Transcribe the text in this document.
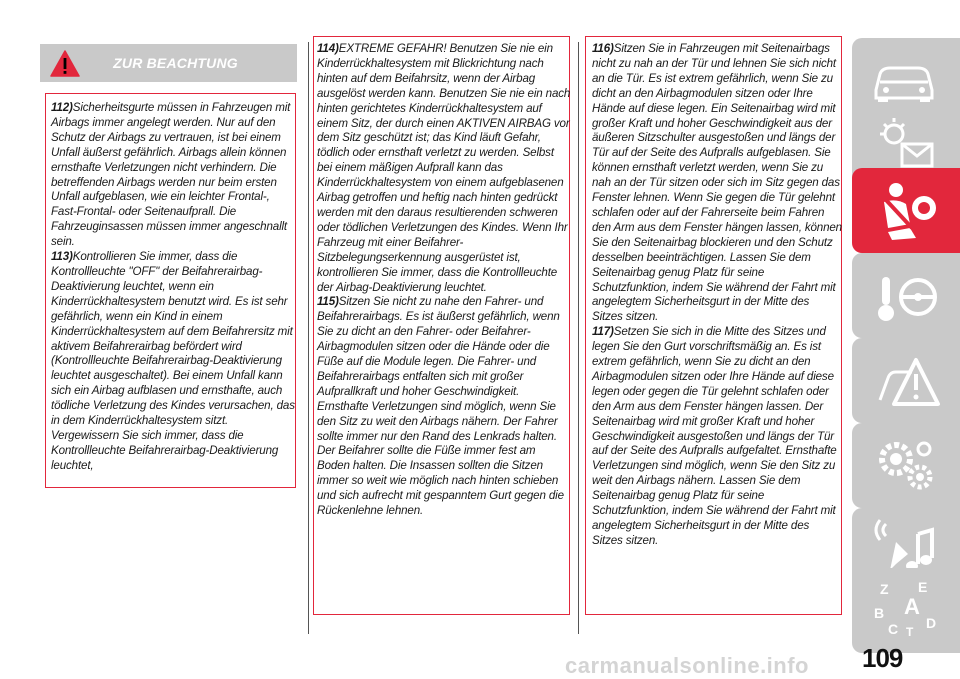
ZUR BEACHTUNG
112)Sicherheitsgurte müssen in Fahrzeugen mit Airbags immer angelegt werden. Nur auf den Schutz der Airbags zu vertrauen, ist bei einem Unfall äußerst gefährlich. Airbags allein können ernsthafte Verletzungen nicht verhindern. Die betreffenden Airbags werden nur beim ersten Unfall aufgeblasen, wie ein leichter Frontal-, Fast-Frontal- oder Seitenaufprall. Die Fahrzeuginsassen müssen immer angeschnallt sein.
113)Kontrollieren Sie immer, dass die Kontrollleuchte "OFF" der Beifahrerairbag-Deaktivierung leuchtet, wenn ein Kinderrückhaltesystem benutzt wird. Es ist sehr gefährlich, wenn ein Kind in einem Kinderrückhaltesystem auf dem Beifahrersitz mit aktivem Beifahrerairbag befördert wird (Kontrollleuchte Beifahrerairbag-Deaktivierung leuchtet ausgeschaltet). Bei einem Unfall kann sich ein Airbag aufblasen und ernsthafte, auch tödliche Verletzung des Kindes verursachen, das in dem Kinderrückhaltesystem sitzt. Vergewissern Sie sich immer, dass die Kontrollleuchte Beifahrerairbag-Deaktivierung leuchtet,
114)EXTREME GEFAHR! Benutzen Sie nie ein Kinderrückhaltesystem mit Blickrichtung nach hinten auf dem Beifahrsitz, wenn der Airbag ausgelöst werden kann. Benutzen Sie nie ein nach hinten gerichtetes Kinderrückhaltesystem auf einem Sitz, der durch einen AKTIVEN AIRBAG vor dem Sitz geschützt ist; das Kind läuft Gefahr, tödlich oder ernsthaft verletzt zu werden. Selbst bei einem mäßigen Aufprall kann das Kinderrückhaltesystem von einem aufgeblasenen Airbag getroffen und heftig nach hinten gedrückt werden mit den daraus resultierenden schweren oder tödlichen Verletzungen des Kindes. Wenn Ihr Fahrzeug mit einer Beifahrer-Sitzbelegungserkennung ausgerüstet ist, kontrollieren Sie immer, dass die Kontrollleuchte der Airbag-Deaktivierung leuchtet.
115)Sitzen Sie nicht zu nahe den Fahrer- und Beifahrerairbags. Es ist äußerst gefährlich, wenn Sie zu dicht an den Fahrer- oder Beifahrer-Airbagmodulen sitzen oder die Hände oder die Füße auf die Module legen. Die Fahrer- und Beifahrerairbags entfalten sich mit großer Aufprallkraft und hoher Geschwindigkeit. Ernsthafte Verletzungen sind möglich, wenn Sie den Sitz zu weit den Airbags nähern. Der Fahrer sollte immer nur den Rand des Lenkrads halten. Der Beifahrer sollte die Füße immer fest am Boden halten. Die Insassen sollten die Sitzen immer so weit wie möglich nach hinten schieben und sich aufrecht mit gespanntem Gurt gegen die Rückenlehne lehnen.
116)Sitzen Sie in Fahrzeugen mit Seitenairbags nicht zu nah an der Tür und lehnen Sie sich nicht an die Tür. Es ist extrem gefährlich, wenn Sie zu dicht an den Airbagmodulen sitzen oder Ihre Hände auf diese legen. Ein Seitenairbag wird mit großer Kraft und hoher Geschwindigkeit aus der äußeren Sitzschulter ausgestoßen und längs der Tür auf der Seite des Aufpralls aufgeblasen. Sie können ernsthaft verletzt werden, wenn Sie zu nah an der Tür sitzen oder sich im Sitz gegen das Fenster lehnen. Wenn Sie gegen die Tür gelehnt schlafen oder auf der Fahrerseite beim Fahren den Arm aus dem Fenster hängen lassen, können Sie den Seitenairbag blockieren und den Schutz desselben beeinträchtigen. Lassen Sie dem Seitenairbag genug Platz für seine Schutzfunktion, indem Sie während der Fahrt mit angelegtem Sicherheitsgurt in der Mitte des Sitzes sitzen.
117)Setzen Sie sich in die Mitte des Sitzes und legen Sie den Gurt vorschriftsmäßig an. Es ist extrem gefährlich, wenn Sie zu dicht an den Airbagmodulen sitzen oder Ihre Hände auf diese legen oder gegen die Tür gelehnt schlafen oder den Arm aus dem Fenster hängen lassen. Der Seitenairbag wird mit großer Kraft und hoher Geschwindigkeit ausgestoßen und längs der Tür auf der Seite des Aufpralls aufgefaltet. Ernsthafte Verletzungen sind möglich, wenn Sie den Sitz zu weit den Airbags nähern. Lassen Sie dem Seitenairbag genug Platz für seine Schutzfunktion, indem Sie während der Fahrt mit angelegtem Sicherheitsgurt in der Mitte des Sitzes sitzen.
Z E
B A
C T
D
carmanualsonline.info 109
